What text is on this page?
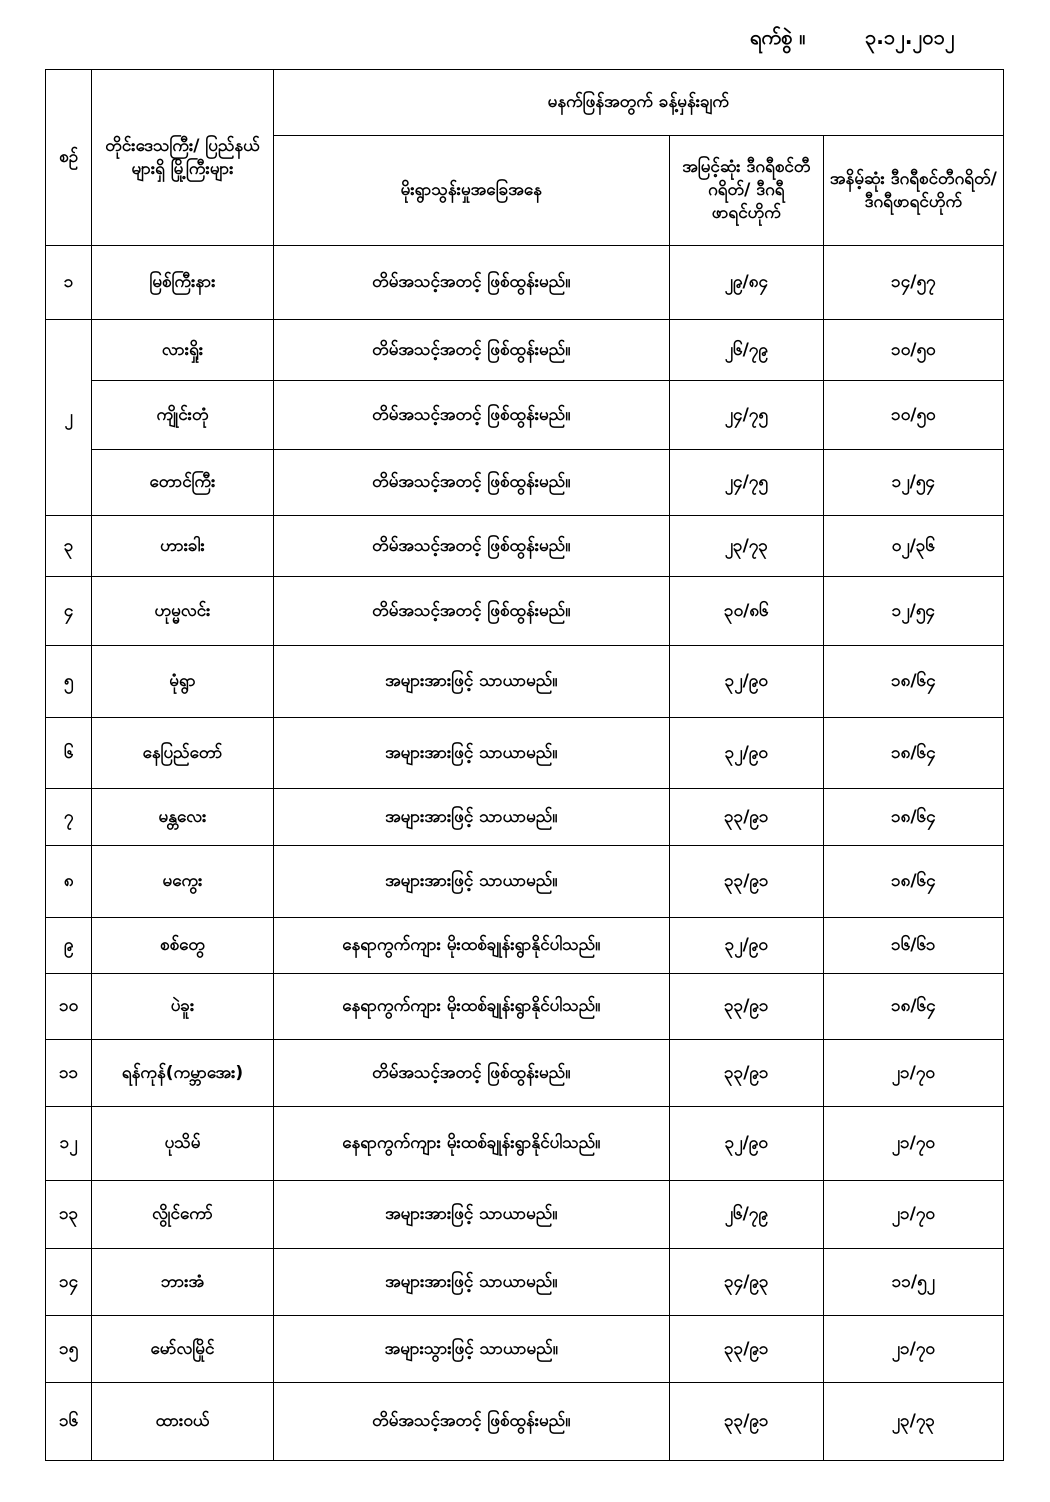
ရက်စွဲ ။	၃.၁၂.၂၀၁၂
စဉ်	တိုင်းဒေသကြီး/ ပြည်နယ်များရှိ မြို့ကြီးများ	မနက်ဖြန်အတွက် ခန့်မှန်းချက်		
		မိုးရွာသွန်းမှုအခြေအနေ	အမြင့်ဆုံး ဒီဂရီစင်တီဂရိတ်/ ဒီဂရီဖာရင်ဟိုက်	အနိမ့်ဆုံး ဒီဂရီစင်တီဂရိတ်/ ဒီဂရီဖာရင်ဟိုက်
၁	မြစ်ကြီးနား	တိမ်အသင့်အတင့် ဖြစ်ထွန်းမည်။	၂၉/၈၄	၁၄/၅၇
၂	လားရှိုး	တိမ်အသင့်အတင့် ဖြစ်ထွန်းမည်။	၂၆/၇၉	၁၀/၅၀
	ကျိုင်းတုံ	တိမ်အသင့်အတင့် ဖြစ်ထွန်းမည်။	၂၄/၇၅	၁၀/၅၀
	တောင်ကြီး	တိမ်အသင့်အတင့် ဖြစ်ထွန်းမည်။	၂၄/၇၅	၁၂/၅၄
၃	ဟားခါး	တိမ်အသင့်အတင့် ဖြစ်ထွန်းမည်။	၂၃/၇၃	၀၂/၃၆
၄	ဟုမ္မလင်း	တိမ်အသင့်အတင့် ဖြစ်ထွန်းမည်။	၃၀/၈၆	၁၂/၅၄
၅	မုံရွာ	အများအားဖြင့် သာယာမည်။	၃၂/၉၀	၁၈/၆၄
၆	နေပြည်တော်	အများအားဖြင့် သာယာမည်။	၃၂/၉၀	၁၈/၆၄
၇	မန္တလေး	အများအားဖြင့် သာယာမည်။	၃၃/၉၁	၁၈/၆၄
၈	မကွေး	အများအားဖြင့် သာယာမည်။	၃၃/၉၁	၁၈/၆၄
၉	စစ်တွေ	နေရာကွက်ကျား မိုးထစ်ချုန်းရွာနိုင်ပါသည်။	၃၂/၉၀	၁၆/၆၁
၁၀	ပဲခူး	နေရာကွက်ကျား မိုးထစ်ချုန်းရွာနိုင်ပါသည်။	၃၃/၉၁	၁၈/၆၄
၁၁	ရန်ကုန်(ကမ္ဘာအေး)	တိမ်အသင့်အတင့် ဖြစ်ထွန်းမည်။	၃၃/၉၁	၂၁/၇၀
၁၂	ပုသိမ်	နေရာကွက်ကျား မိုးထစ်ချုန်းရွာနိုင်ပါသည်။	၃၂/၉၀	၂၁/၇၀
၁၃	လွိုင်ကော်	အများအားဖြင့် သာယာမည်။	၂၆/၇၉	၂၁/၇၀
၁၄	ဘားအံ	အများအားဖြင့် သာယာမည်။	၃၄/၉၃	၁၁/၅၂
၁၅	မော်လမြိုင်	အများသွားဖြင့် သာယာမည်။	၃၃/၉၁	၂၁/၇၀
၁၆	ထားဝယ်	တိမ်အသင့်အတင့် ဖြစ်ထွန်းမည်။	၃၃/၉၁	၂၃/၇၃
